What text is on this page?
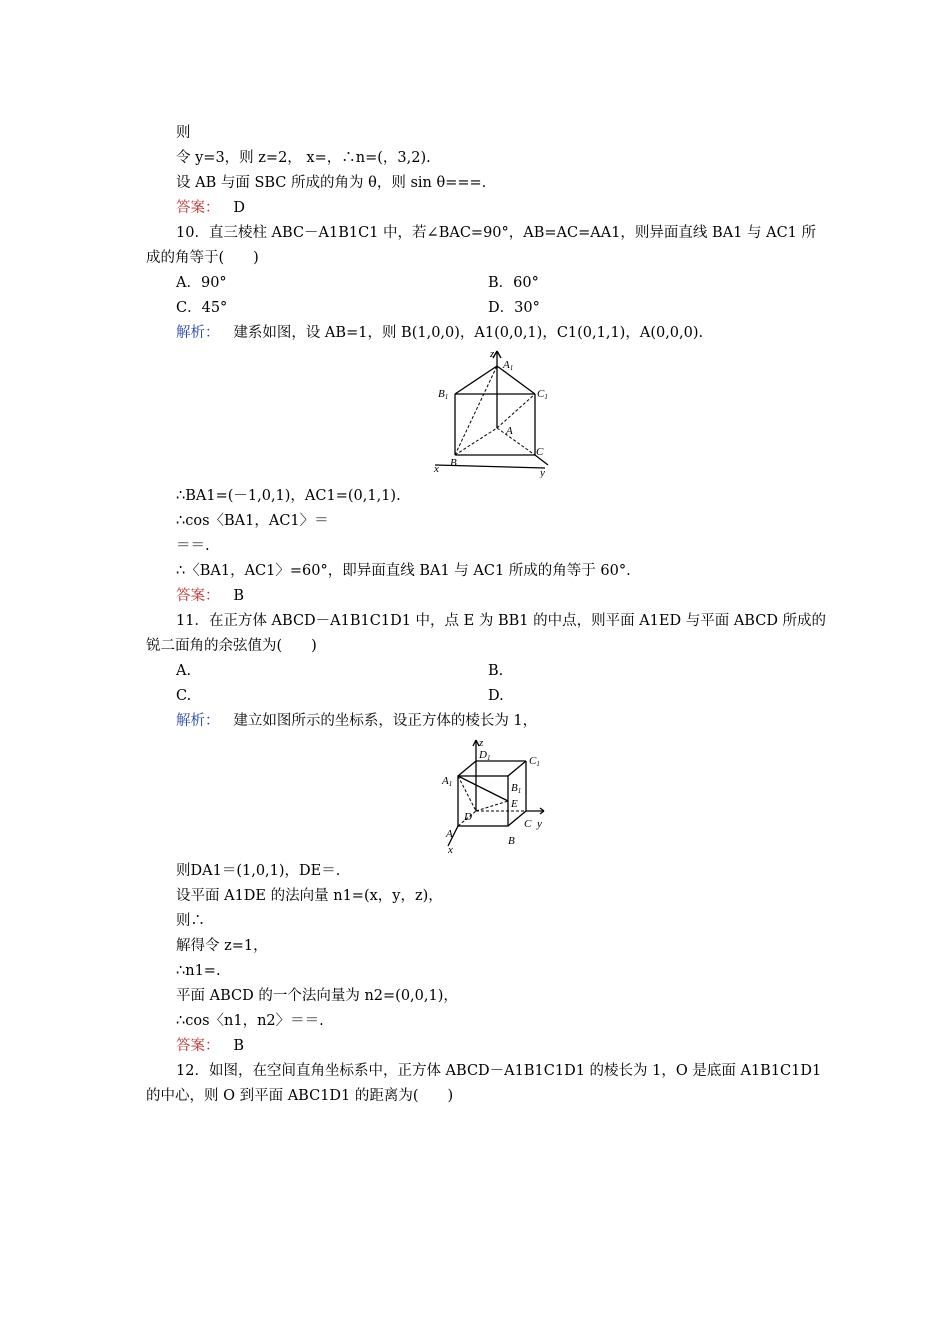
则
令 y=3，则 z=2， x=，∴n=(，3,2).
设 AB 与面 SBC 所成的角为 θ，则 sin θ===.
答案： D
10．直三棱柱 ABC－A1B1C1 中，若∠BAC=90°，AB=AC=AA1，则异面直线 BA1 与 AC1 所
成的角等于(　　)
A．90°	B．60°
C．45°	D．30°
解析： 建系如图，设 AB=1，则 B(1,0,0)，A1(0,0,1)，C1(0,1,1)，A(0,0,0).
z
A1
B1	C1
A
B
C
x	y
∴BA1=(－1,0,1)，AC1=(0,1,1).
∴cos〈BA1，AC1〉＝
＝＝.
∴〈BA1，AC1〉=60°，即异面直线 BA1 与 AC1 所成的角等于 60°.
答案： B
11．在正方体 ABCD－A1B1C1D1 中，点 E 为 BB1 的中点，则平面 A1ED 与平面 ABCD 所成的
锐二面角的余弦值为(　　)
A.	B.
C.	D.
解析： 建立如图所示的坐标系，设正方体的棱长为 1，
z
D1	C1
A1	B1
E
D
C y
A
B
x
则DA1＝(1,0,1)，DE＝.
设平面 A1DE 的法向量 n1=(x，y，z)，
则∴
解得令 z=1，
∴n1=.
平面 ABCD 的一个法向量为 n2=(0,0,1)，
∴cos〈n1，n2〉＝＝.
答案： B
12．如图，在空间直角坐标系中，正方体 ABCD－A1B1C1D1 的棱长为 1，O 是底面 A1B1C1D1
的中心，则 O 到平面 ABC1D1 的距离为(　　)
